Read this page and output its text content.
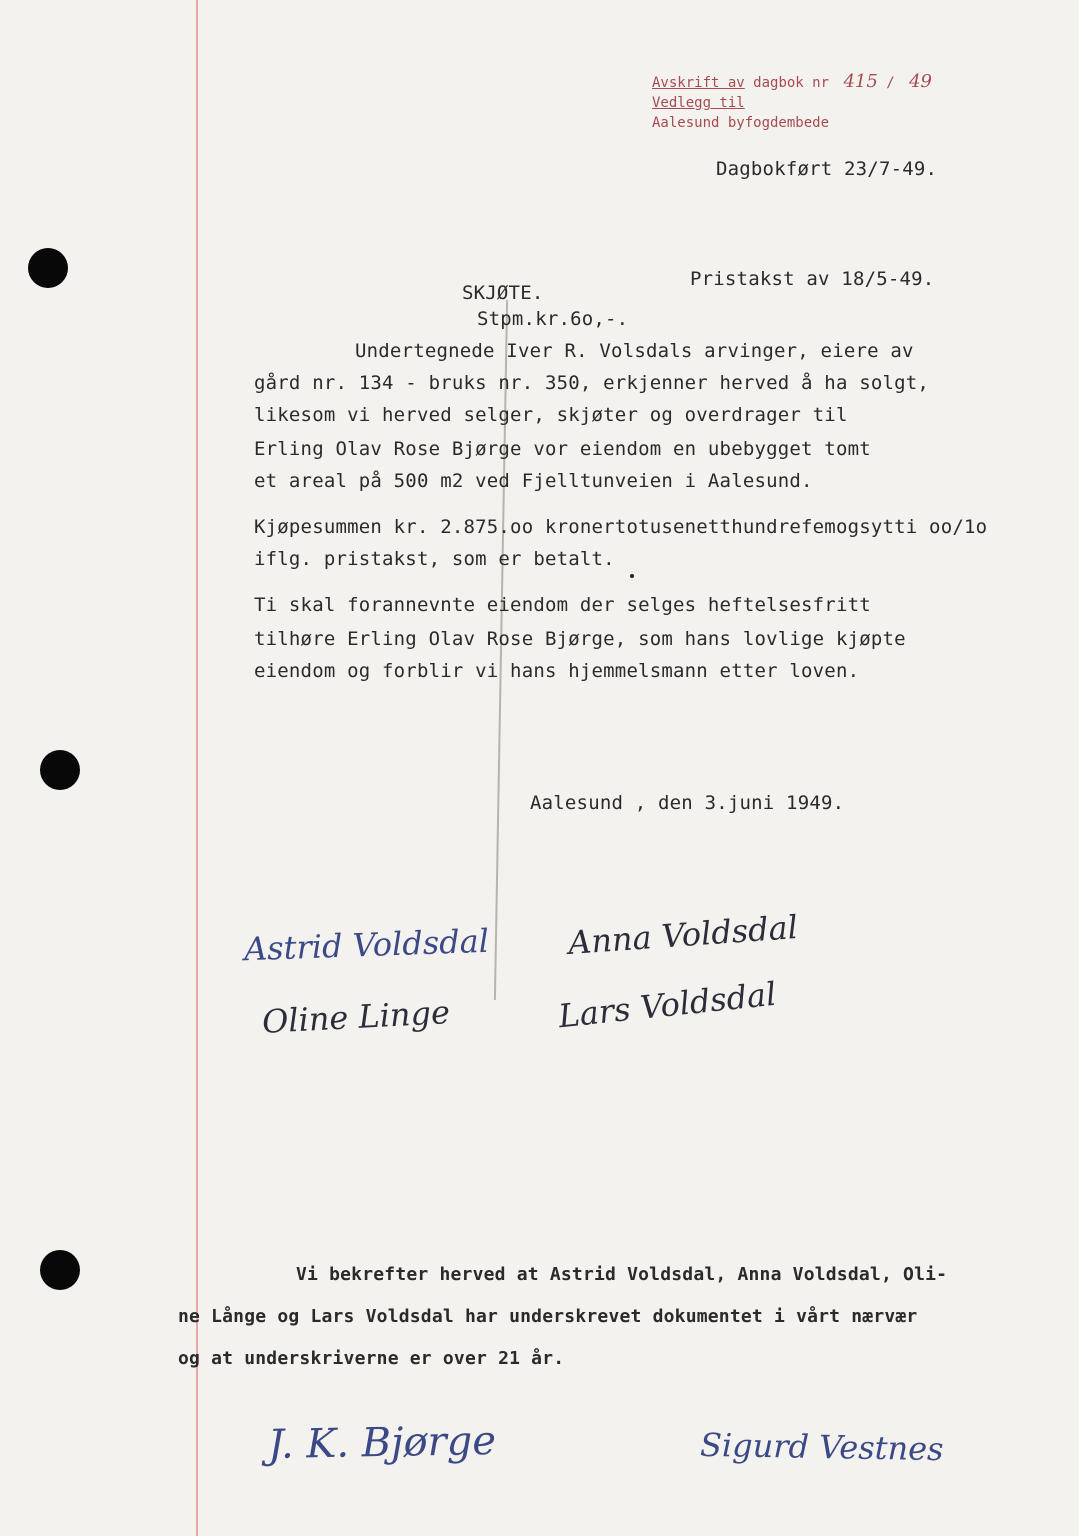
Avskrift av dagbok nr 415 / 49
Vedlegg til
Aalesund byfogdembede
Dagbokført 23/7-49.
Pristakst av 18/5-49.
SKJØTE.
Stpm.kr.6o,-.
Undertegnede Iver R. Volsdals arvinger, eiere av
gård nr. 134 - bruks nr. 350, erkjenner herved å ha solgt,
likesom vi herved selger, skjøter og overdrager til
Erling Olav Rose Bjørge vor eiendom en ubebygget tomt
et areal på 500 m2 ved Fjelltunveien i Aalesund.
Kjøpesummen kr. 2.875.oo kronertotusenetthundrefemogsytti oo/1o
iflg. pristakst, som er betalt.
Ti skal forannevnte eiendom der selges heftelsesfritt
tilhøre Erling Olav Rose Bjørge, som hans lovlige kjøpte
eiendom og forblir vi hans hjemmelsmann etter loven.
Aalesund , den 3.juni 1949.
Astrid Voldsdal Anna Voldsdal
Oline Linge	Lars Voldsdal
Vi bekrefter herved at Astrid Voldsdal, Anna Voldsdal, Oli-
ne Långe og Lars Voldsdal har underskrevet dokumentet i vårt nærvær
og at underskriverne er over 21 år.
J. K. Bjørge	Sigurd Vestnes
